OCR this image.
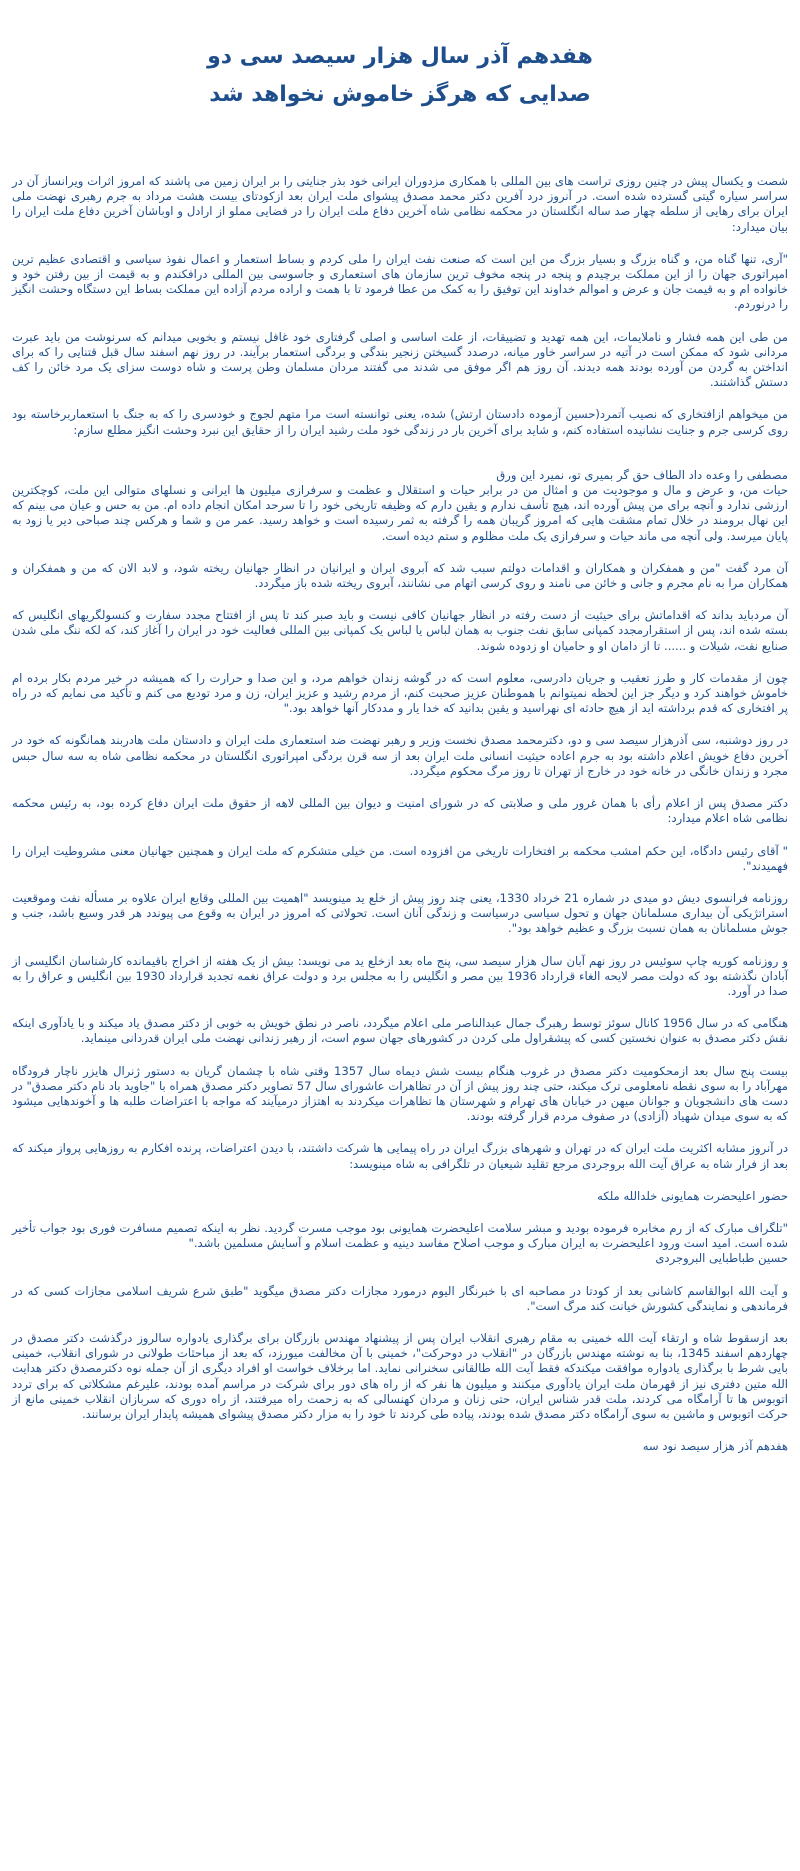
هفدهم آذر سال هزار سیصد سی دو
صدایی که هرگز خاموش نخواهد شد

شصت و یکسال پیش در چنین روزی تراست های بین المللی با همکاری مزدوران ایرانی خود بذر جنایتی را بر ایران زمین می پاشند که امروز اثرات ویرانساز آن در سراسر سیاره گیتی گسترده شده است. در آنروز درد آفرین دکتر محمد مصدق پیشوای ملت ایران بعد ازکودتای بیست هشت مرداد به جرم رهبری نهضت ملی ایران برای رهایی از سلطه چهار صد ساله انگلستان در محکمه نظامی شاه آخرین دفاع ملت ایران را در فضایی مملو از ارادل و اوباشان آخرین دفاع ملت ایران را بیان میدارد:

"آری، تنها گناه من، و گناه بزرگ و بسیار بزرگ من این است که صنعت نفت ایران را ملی کردم و بساط استعمار و اعمال نفوذ سیاسی و اقتصادی عظیم ترین امپراتوری جهان را از این مملکت برچیدم و پنجه در پنجه مخوف ترین سازمان های استعماری و جاسوسی بین المللی درافکندم و به قیمت از بین رفتن خود و خانواده ام و به قیمت جان و عرض و اموالم خداوند این توفیق را به کمک من عطا فرمود تا با همت و اراده مردم آزاده این مملکت بساط این دستگاه وحشت انگیز را درنوردم.

من طی این همه فشار و ناملایمات، این همه تهدید و تضییقات، از علت اساسی و اصلی گرفتاری خود غافل نیستم و بخوبی میدانم که سرنوشت من باید عبرت مردانی شود که ممکن است در آتیه در سراسر خاور میانه، درصدد گسیختن زنجیر بندگی و بردگی استعمار برآیند. در روز نهم اسفند سال قبل قتنایی را که برای انداختن به گردن من آورده بودند همه دیدند. آن روز هم اگر موفق می شدند می گفتند مردان مسلمان وطن پرست و شاه دوست سزای یک مرد خائن را کف دستش گذاشتند.

من میخواهم ازافتخاری که نصیب آتمرد(حسین آزموده دادستان ارتش) شده، یعنی توانسته است مرا متهم لجوج و خودسری را که به جنگ با استعماربرخاسته بود روی کرسی جرم و جنایت نشانیده استفاده کنم، و شاید برای آخرین بار در زندگی خود ملت رشید ایران را از حقایق این نبرد وحشت انگیز مطلع سازم:

مصطفی را وعده داد الطاف حق گر بمیری تو، نمیرد این ورق
حیات من، و عرض و مال و موجودیت من و امثال من در برابر حیات و استقلال و عظمت و سرفرازی میلیون ها ایرانی و نسلهای متوالی این ملت، کوچکترین ارزشی ندارد و آنچه برای من پیش آورده اند، هیچ تأسف ندارم و یقین دارم که وظیفه تاریخی خود را تا سرحد امکان انجام داده ام. من به حس و عیان می بینم که این نهال برومند در خلال تمام مشقت هایی که امروز گریبان همه را گرفته به ثمر رسیده است و خواهد رسید. عمر من و شما و هرکس چند صباحی دیر یا زود به پایان میرسد. ولی آنچه می ماند حیات و سرفرازی یک ملت مظلوم و ستم دیده است.

آن مرد گفت "من و همفکران و همکاران و اقدامات دولتم سبب شد که آبروی ایران و ایرانیان در انظار جهانیان ریخته شود، و لابد الان که من و همفکران و همکاران مرا به نام مجرم و جانی و خائن می نامند و روی کرسی اتهام می نشانند، آبروی ریخته شده باز میگردد.

آن مردباید بداند که اقداماتش برای حیثیت از دست رفته در انظار جهانیان کافی نیست و باید صبر کند تا پس از افتتاح مجدد سفارت و کنسولگریهای انگلیس که بسته شده اند، پس از استقرارمجدد کمپانی سابق نفت جنوب به همان لباس یا لباس یک کمپانی بین المللی فعالیت خود در ایران را آغاز کند، که لکه ننگ ملی شدن صنایع نفت، شیلات و ...... تا از دامان او و حامیان او زدوده شوند.

چون از مقدمات کار و طرز تعقیب و جریان دادرسی، معلوم است که در گوشه زندان خواهم مرد، و این صدا و حرارت را که همیشه در خیر مردم بکار برده ام خاموش خواهند کرد و دیگر جز این لحظه نمیتوانم با هموطنان عزیز صحبت کنم، از مردم رشید و عزیز ایران، زن و مرد تودیع می کنم و تأکید می نمایم که در راه پر افتخاری که قدم برداشته اید از هیچ حادثه ای نهراسید و یقین بدانید که خدا یار و مددکار آنها خواهد بود."

در روز دوشنبه، سی آذرهزار سیصد سی و دو، دکترمحمد مصدق نخست وزیر و رهبر نهضت ضد استعماری ملت ایران و دادستان ملت هادربند همانگونه که خود در آخرین دفاع خویش اعلام داشته بود به جرم اعاده حیثیت انسانی ملت ایران بعد از سه قرن بردگی امپراتوری انگلستان در محکمه نظامی شاه به سه سال حبس مجرد و زندان خانگی در خانه خود در خارج از تهران تا روز مرگ محکوم میگردد.

دکتر مصدق پس از اعلام رأی با همان غرور ملی و صلابتی که در شورای امنیت و دیوان بین المللی لاهه از حقوق ملت ایران دفاع کرده بود، به رئیس محکمه نظامی شاه اعلام میدارد:

" آقای رئیس دادگاه، این حکم امشب محکمه بر افتخارات تاریخی من افزوده است. من خیلی متشکرم که ملت ایران و همچنین جهانیان معنی مشروطیت ایران را فهمیدند".

روزنامه فرانسوی دیش دو میدی در شماره 21 خرداد 1330، یعنی چند روز پیش از خلع ید مینویسد "اهمیت بین المللی وقایع ایران علاوه بر مسأله نفت وموقعیت استراتژیکی آن بیداری مسلمانان جهان و تحول سیاسی درسیاست و زندگی آنان است. تحولاتی که امروز در ایران به وقوع می پیوندد هر قدر وسیع باشد، جنب و جوش مسلمانان به همان نسبت بزرگ و عظیم خواهد بود".

و روزنامه کوریه چاپ سوئیس در روز نهم آبان سال هزار سیصد سی، پنج ماه بعد ازخلع ید می نویسد: بیش از یک هفته از اخراج باقیمانده کارشناسان انگلیسی از آبادان نگذشته بود که دولت مصر لایحه الغاء قرارداد 1936 بین مصر و انگلیس را به مجلس برد و دولت عراق نغمه تجدید قرارداد 1930 بین انگلیس و عراق را به صدا در آورد.

هنگامی که در سال 1956 کانال سوئز توسط رهبرگ جمال عبدالناصر ملی اعلام میگردد، ناصر در نطق خویش به خوبی از دکتر مصدق یاد میکند و با یادآوری اینکه نقش دکتر مصدق به عنوان نخستین کسی که پیشقراول ملی کردن در کشورهای جهان سوم است، از رهبر زندانی نهضت ملی ایران قدردانی مینماید.

بیست پنج سال بعد ازمحکومیت دکتر مصدق در غروب هنگام بیست شش دیماه سال 1357 وقتی شاه با چشمان گریان به دستور ژنرال هایزر ناچار فرودگاه مهرآباد را به سوی نقطه نامعلومی ترک میکند، حتی چند روز پیش از آن در تظاهرات عاشورای سال 57 تصاویر دکتر مصدق همراه با "جاوید باد نام دکتر مصدق" در دست های دانشجویان و جوانان میهن در خیابان های تهرام و شهرستان ها تظاهرات میکردند به اهتزاز درمیآیند که مواجه با اعتراضات طلبه ها و آخوندهایی میشود که به سوی میدان شهیاد (آزادی) در صفوف مردم قرار گرفته بودند.

در آنروز مشابه اکثریت ملت ایران که در تهران و شهرهای بزرگ ایران در راه پیمایی ها شرکت داشتند، با دیدن اعتراضات، پرنده افکارم به روزهایی پرواز میکند که بعد از فرار شاه به عراق آیت الله بروجردی مرجع تقلید شیعیان در تلگرافی به شاه مینویسد:

حضور اعلیحضرت همایونی خلدالله ملکه

"تلگراف مبارک که از رم مخابره فرموده بودید و مبشر سلامت اعلیحضرت همایونی بود موجب مسرت گردید. نظر به اینکه تصمیم مسافرت فوری بود جواب تأخیر شده است. امید است ورود اعلیحضرت به ایران مبارک و موجب اصلاح مفاسد دینیه و عظمت اسلام و آسایش مسلمین باشد."
حسین طباطبایی البروجردی

و آیت الله ابوالقاسم کاشانی بعد از کودتا در مصاحبه ای با خبرنگار الیوم درمورد مجازات دکتر مصدق میگوید "طبق شرع شریف اسلامی مجازات کسی که در فرماندهی و نمایندگی کشورش خیانت کند مرگ است".

بعد ازسقوط شاه و ارتقاء آیت الله خمینی به مقام رهبری انقلاب ایران پس از پیشنهاد مهندس بازرگان برای برگذاری یادواره سالروز درگذشت دکتر مصدق در چهاردهم اسفند 1345، بنا به نوشته مهندس بازرگان در "انقلاب در دوحرکت"، خمینی با آن مخالفت میورزد، که بعد از مباحثات طولانی در شورای انقلاب، خمینی بایی شرط با برگذاری یادواره موافقت میکندکه فقط آیت الله طالقانی سخنرانی نماید. اما برخلاف خواست او افراد دیگری از آن جمله نوه دکترمصدق دکتر هدایت الله متین دفتری نیز از قهرمان ملت ایران یادآوری میکنند و میلیون ها نفر که از راه های دور برای شرکت در مراسم آمده بودند، علیرغم مشکلاتی که برای تردد اتوبوس ها تا آرامگاه می کردند، ملت قدر شناس ایران، حتی زنان و مردان کهنسالی که به زحمت راه میرفتند، از راه دوری که سربازان انقلاب خمینی مانع از حرکت اتوبوس و ماشین به سوی آرامگاه دکتر مصدق شده بودند، پیاده طی کردند تا خود را به مزار دکتر مصدق پیشوای همیشه پایدار ایران برسانند.

هفدهم آذر هزار سیصد نود سه
